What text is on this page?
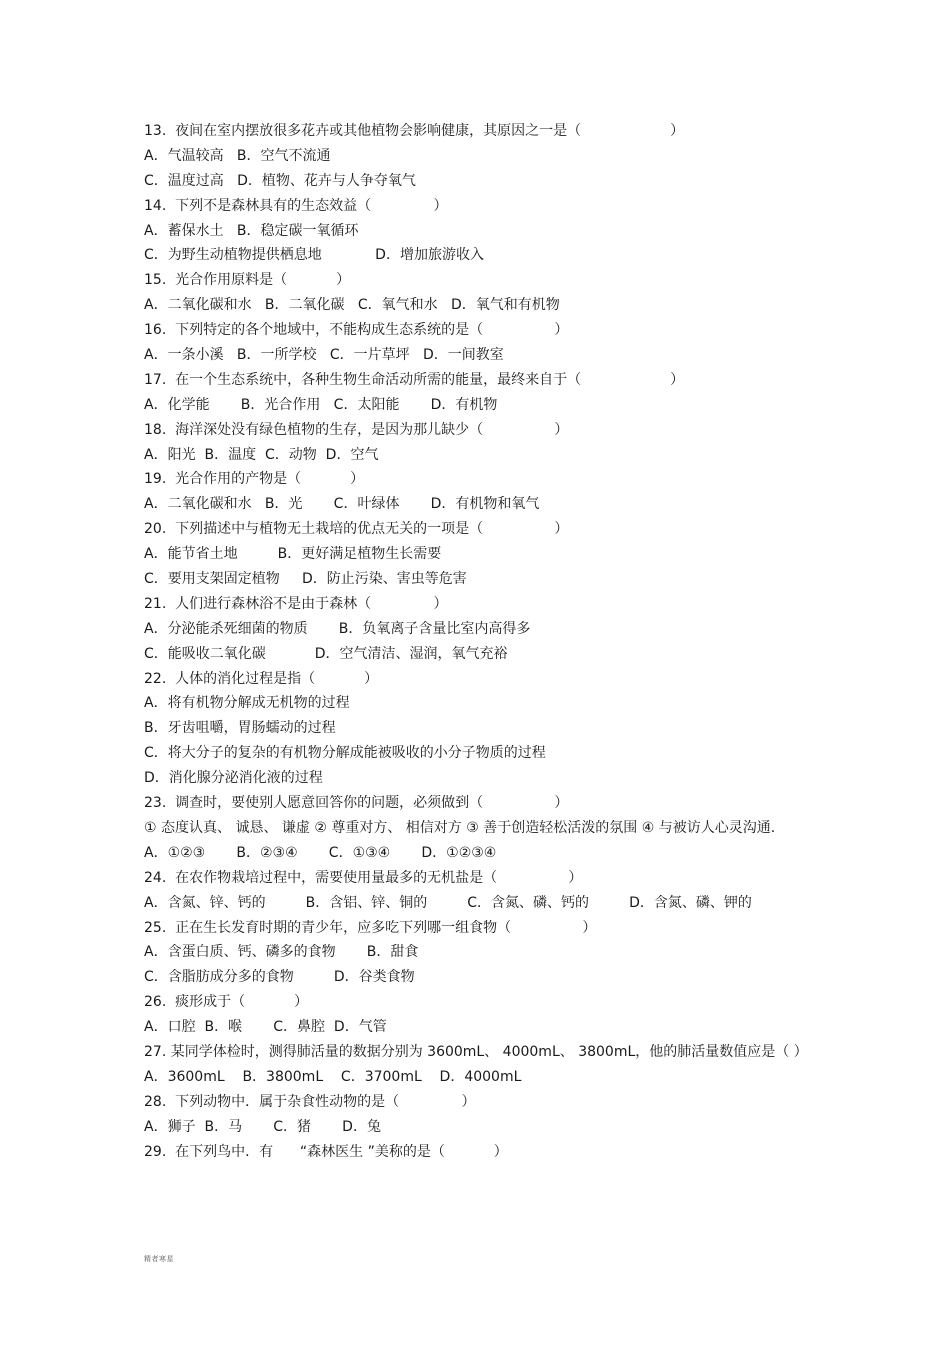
13.  夜间在室内摆放很多花卉或其他植物会影响健康，其原因之一是（                    ）
A．气温较高   B．空气不流通
C．温度过高   D．植物、花卉与人争夺氧气
14.  下列不是森林具有的生态效益（              ）
A．蓄保水土   B．稳定碳一氧循环
C．为野生动植物提供栖息地            D．增加旅游收入
15.  光合作用原料是（           ）
A．二氧化碳和水   B．二氧化碳   C．氧气和水   D．氧气和有机物
16.  下列特定的各个地域中，不能构成生态系统的是（                ）
A．一条小溪   B．一所学校   C．一片草坪   D．一间教室
17.  在一个生态系统中，各种生物生命活动所需的能量，最终来自于（                    ）
A．化学能       B．光合作用   C．太阳能       D．有机物
18.  海洋深处没有绿色植物的生存，是因为那儿缺少（                ）
A．阳光  B．温度  C．动物  D．空气
19.  光合作用的产物是（           ）
A．二氧化碳和水   B．光       C．叶绿体       D．有机物和氧气
20.  下列描述中与植物无土栽培的优点无关的一项是（                ）
A．能节省土地         B．更好满足植物生长需要
C．要用支架固定植物     D．防止污染、害虫等危害
21.  人们进行森林浴不是由于森林（              ）
A．分泌能杀死细菌的物质       B．负氧离子含量比室内高得多
C．能吸收二氧化碳           D．空气清洁、湿润，氧气充裕
22.  人体的消化过程是指（           ）
A．将有机物分解成无机物的过程
B．牙齿咀嚼，胃肠蠕动的过程
C．将大分子的复杂的有机物分解成能被吸收的小分子物质的过程
D．消化腺分泌消化液的过程
23.  调查时，要使别人愿意回答你的问题，必须做到（                ）
① 态度认真、 诚恳、 谦虚 ② 尊重对方、 相信对方 ③ 善于创造轻松活泼的氛围 ④ 与被访人心灵沟通.
A．①②③       B．②③④       C．①③④       D．①②③④
24.  在农作物栽培过程中，需要使用量最多的无机盐是（                ）
A．含氮、锌、钙的         B．含铝、锌、铜的         C．含氮、磷、钙的         D．含氮、磷、钾的
25.  正在生长发育时期的青少年，应多吃下列哪一组食物（                ）
A．含蛋白质、钙、磷多的食物       B．甜食
C．含脂肪成分多的食物         D．谷类食物
26.  痰形成于（           ）
A．口腔  B．喉       C．鼻腔  D．气管
27. 某同学体检时，测得肺活量的数据分别为 3600mL、 4000mL、 3800mL，他的肺活量数值应是（ ）
A．3600mL    B．3800mL    C．3700mL    D．4000mL
28.  下列动物中．属于杂食性动物的是（              ）
A．狮子  B．马       C．猪       D．兔
29.  在下列鸟中．有      “森林医生 ”美称的是（           ）
精者寒星
